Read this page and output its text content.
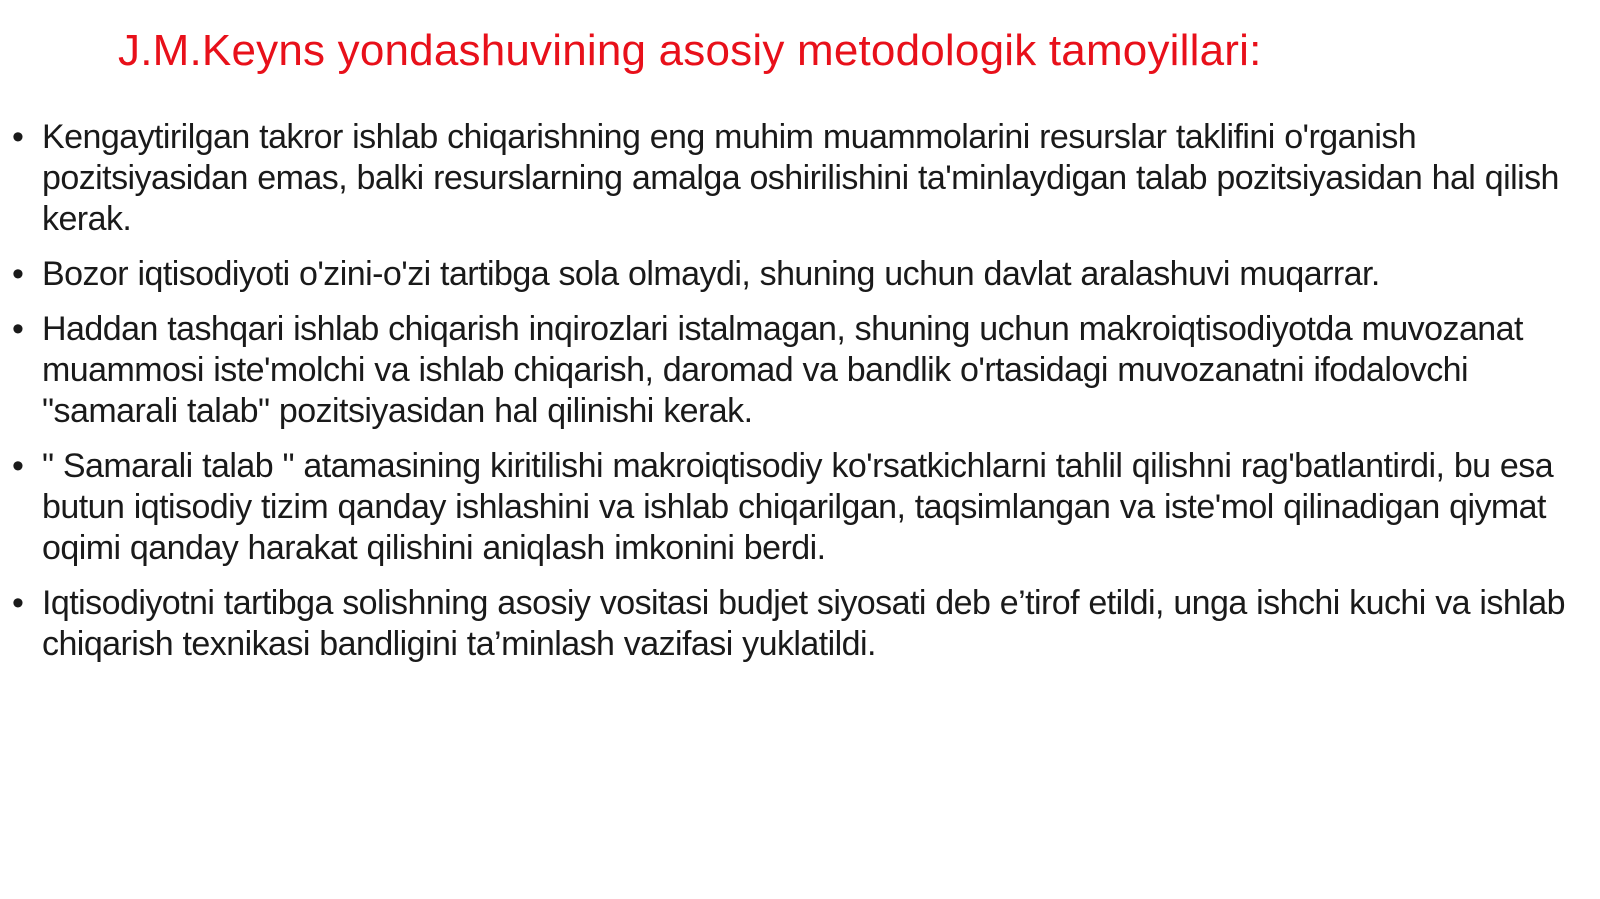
J.M.Keyns yondashuvining asosiy metodologik tamoyillari:
• Kengaytirilgan takror ishlab chiqarishning eng muhim muammolarini resurslar taklifini o'rganish pozitsiyasidan emas, balki resurslarning amalga oshirilishini ta'minlaydigan talab pozitsiyasidan hal qilish kerak.
• Bozor iqtisodiyoti o'zini-o'zi tartibga sola olmaydi, shuning uchun davlat aralashuvi muqarrar.
• Haddan tashqari ishlab chiqarish inqirozlari istalmagan, shuning uchun makroiqtisodiyotda muvozanat muammosi iste'molchi va ishlab chiqarish, daromad va bandlik o'rtasidagi muvozanatni ifodalovchi "samarali talab" pozitsiyasidan hal qilinishi kerak.
• " Samarali talab " atamasining kiritilishi makroiqtisodiy ko'rsatkichlarni tahlil qilishni rag'batlantirdi, bu esa butun iqtisodiy tizim qanday ishlashini va ishlab chiqarilgan, taqsimlangan va iste'mol qilinadigan qiymat oqimi qanday harakat qilishini aniqlash imkonini berdi.
• Iqtisodiyotni tartibga solishning asosiy vositasi budjet siyosati deb e’tirof etildi, unga ishchi kuchi va ishlab chiqarish texnikasi bandligini ta’minlash vazifasi yuklatildi.
